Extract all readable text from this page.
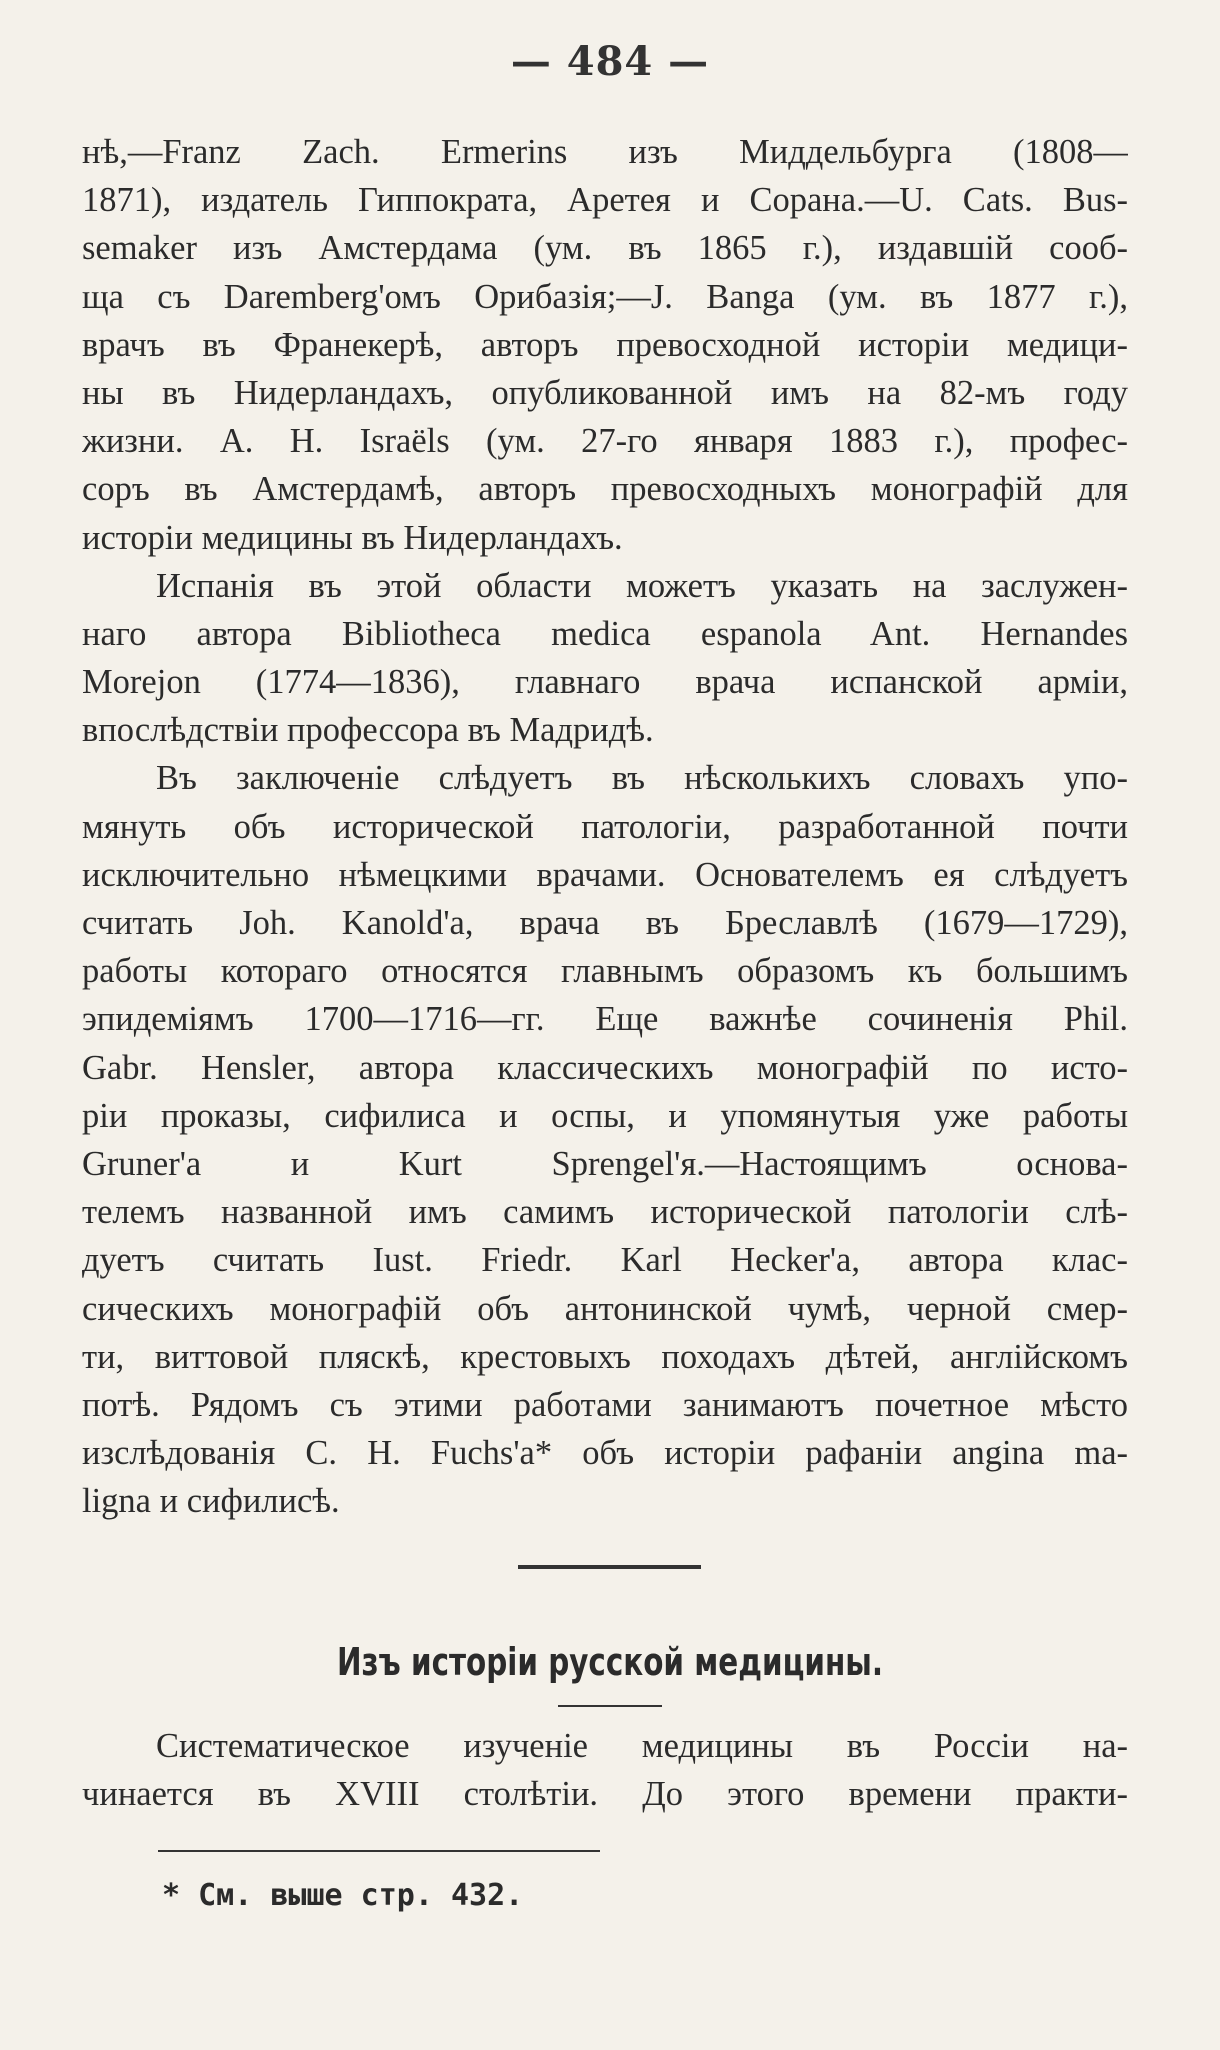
— 484 —
нѣ,—Franz Zach. Ermerins изъ Миддельбурга (1808—
1871), издатель Гиппократа, Аретея и Сорана.—U. Cats. Bus-
semaker изъ Амстердама (ум. въ 1865 г.), издавшій сооб-
ща съ Daremberg'омъ Орибазія;—J. Banga (ум. въ 1877 г.),
врачъ въ Франекерѣ, авторъ превосходной исторіи медици-
ны въ Нидерландахъ, опубликованной имъ на 82-мъ году
жизни. A. H. Israëls (ум. 27-го января 1883 г.), профес-
соръ въ Амстердамѣ, авторъ превосходныхъ монографій для
исторіи медицины въ Нидерландахъ.
Испанія въ этой области можетъ указать на заслужен-
наго автора Bibliotheca medica espanola Ant. Hernandes
Morejon (1774—1836), главнаго врача испанской арміи,
впослѣдствіи профессора въ Мадридѣ.
Въ заключеніе слѣдуетъ въ нѣсколькихъ словахъ упо-
мянуть объ исторической патологіи, разработанной почти
исключительно нѣмецкими врачами. Основателемъ ея слѣдуетъ
считать Joh. Kanold'a, врача въ Бреславлѣ (1679—1729),
работы котораго относятся главнымъ образомъ къ большимъ
эпидеміямъ 1700—1716—гг. Еще важнѣе сочиненія Phil.
Gabr. Hensler, автора классическихъ монографій по исто-
ріи проказы, сифилиса и оспы, и упомянутыя уже работы
Gruner'a и Kurt Sprengel'я.—Настоящимъ основа-
телемъ названной имъ самимъ исторической патологіи слѣ-
дуетъ считать Iust. Friedr. Karl Hecker'a, автора клас-
сическихъ монографій объ антонинской чумѣ, черной смер-
ти, виттовой пляскѣ, крестовыхъ походахъ дѣтей, англійскомъ
потѣ. Рядомъ съ этими работами занимаютъ почетное мѣсто
изслѣдованія C. H. Fuchs'a* объ исторіи рафаніи angina ma-
ligna и сифилисѣ.
Изъ исторіи русской медицины.
Систематическое изученіе медицины въ Россіи на-
чинается въ XVIII столѣтіи. До этого времени практи-
* См. выше стр. 432.
